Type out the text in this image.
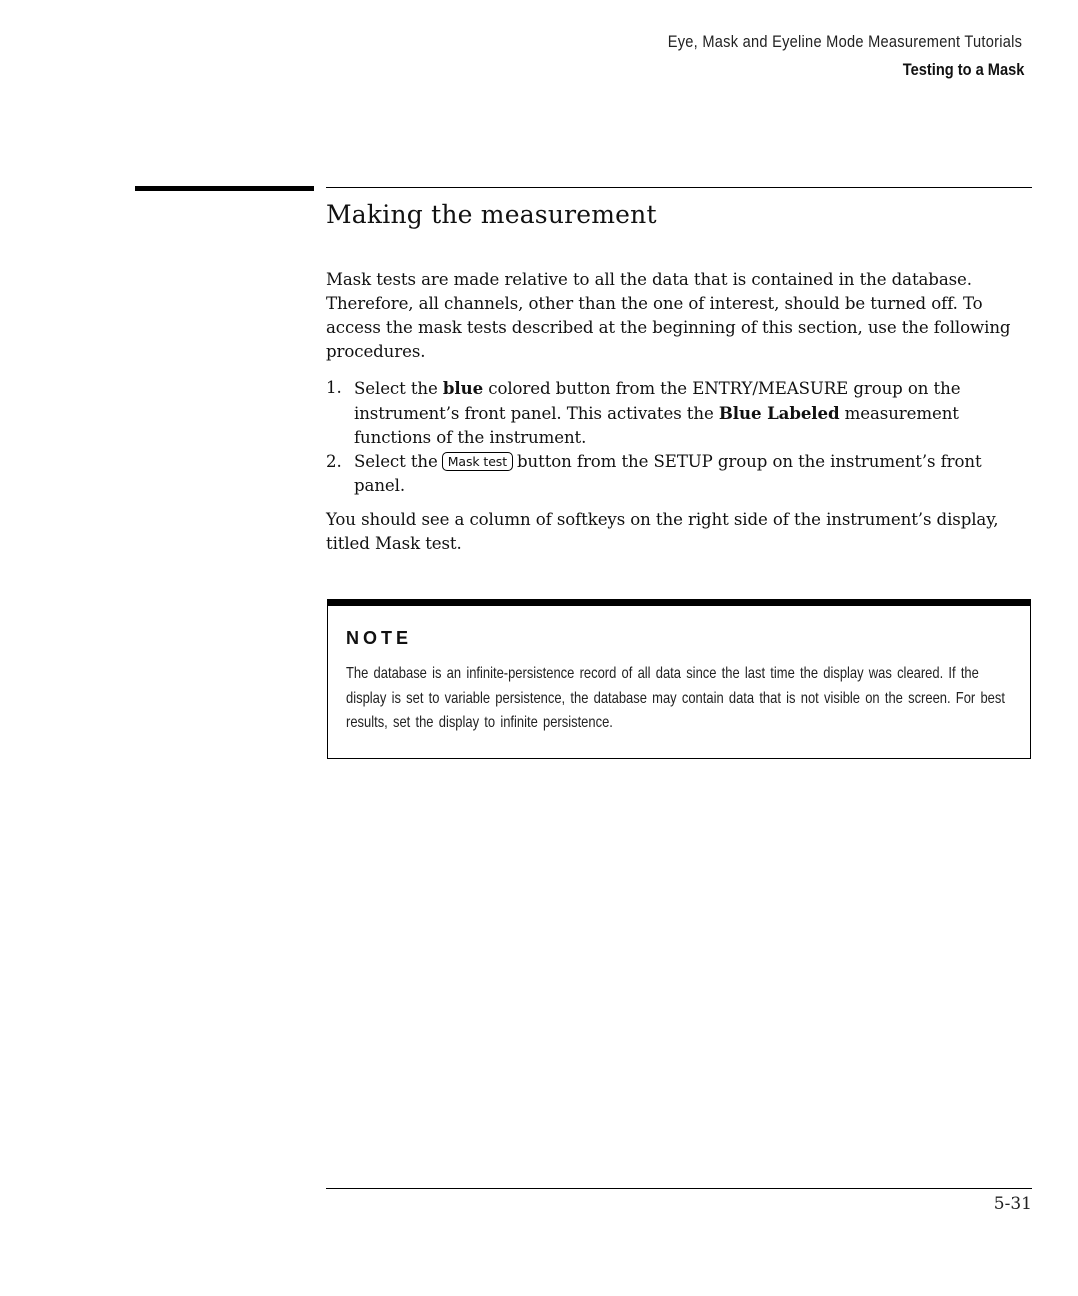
Eye, Mask and Eyeline Mode Measurement Tutorials
Testing to a Mask
Making the measurement

Mask tests are made relative to all the data that is contained in the database. Therefore, all channels, other than the one of interest, should be turned off. To access the mask tests described at the beginning of this section, use the following procedures.

1. Select the blue colored button from the ENTRY/MEASURE group on the instrument’s front panel. This activates the Blue Labeled measurement functions of the instrument.
2. Select the Mask test button from the SETUP group on the instrument’s front panel.

You should see a column of softkeys on the right side of the instrument’s display, titled Mask test.

NOTE
The database is an infinite-persistence record of all data since the last time the display was cleared. If the display is set to variable persistence, the database may contain data that is not visible on the screen. For best results, set the display to infinite persistence.
5-31
